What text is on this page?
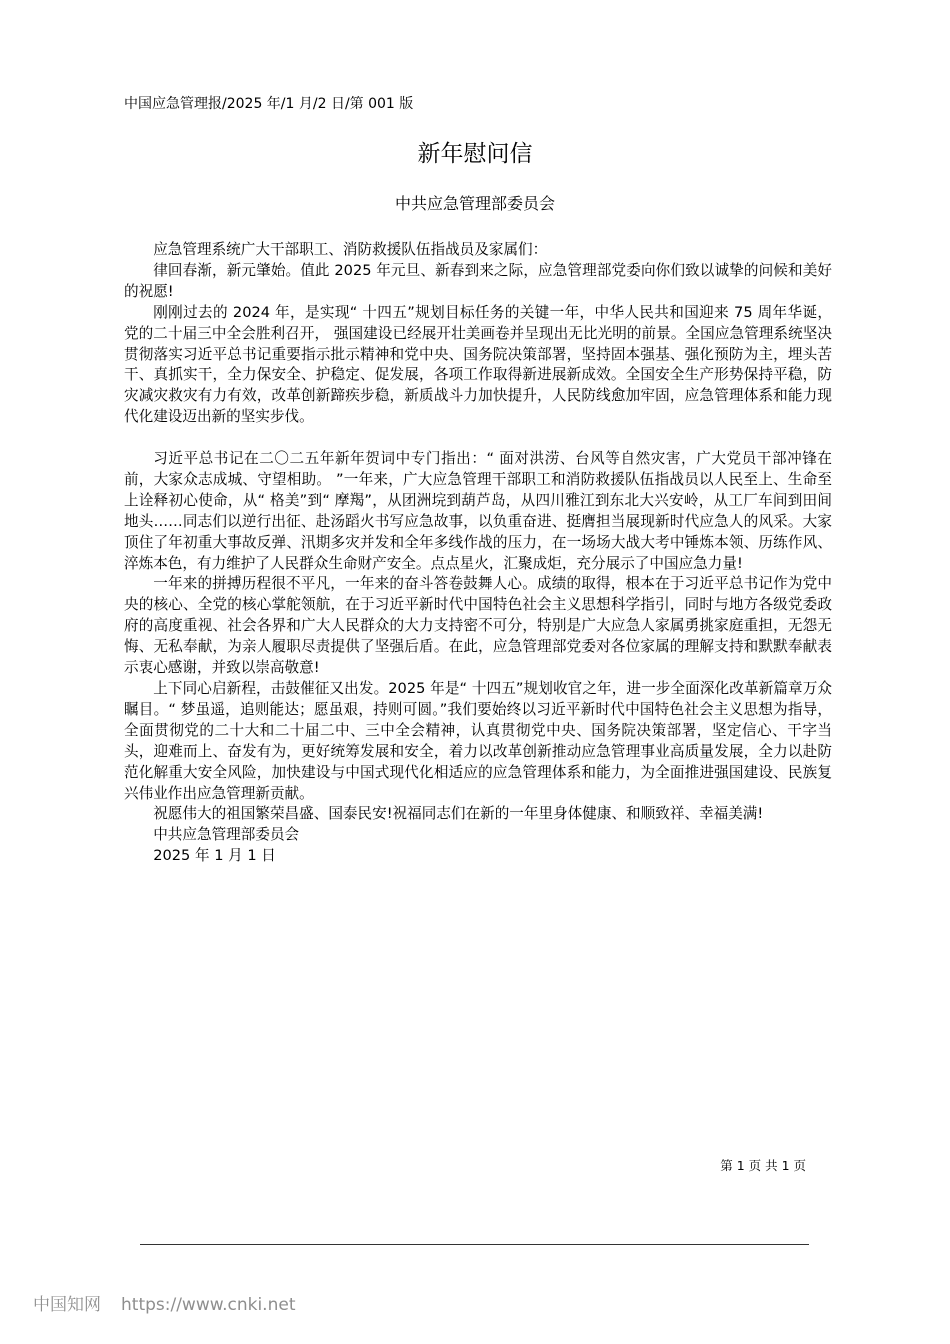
中国应急管理报/2025 年/1 月/2 日/第 001 版
新年慰问信
中共应急管理部委员会

应急管理系统广大干部职工、消防救援队伍指战员及家属们：

律回春渐，新元肇始。值此 2025 年元旦、新春到来之际，应急管理部党委向你们致以诚挚的问候和美好的祝愿!

刚刚过去的 2024 年，是实现“ 十四五”规划目标任务的关键一年，中华人民共和国迎来 75 周年华诞， 党的二十届三中全会胜利召开， 强国建设已经展开壮美画卷并呈现出无比光明的前景。全国应急管理系统坚决贯彻落实习近平总书记重要指示批示精神和党中央、国务院决策部署，坚持固本强基、强化预防为主，埋头苦干、真抓实干，全力保安全、护稳定、促发展，各项工作取得新进展新成效。全国安全生产形势保持平稳，防灾减灾救灾有力有效，改革创新蹄疾步稳，新质战斗力加快提升，人民防线愈加牢固，应急管理体系和能力现代化建设迈出新的坚实步伐。

习近平总书记在二〇二五年新年贺词中专门指出：“ 面对洪涝、台风等自然灾害，广大党员干部冲锋在前，大家众志成城、守望相助。 ”一年来，广大应急管理干部职工和消防救援队伍指战员以人民至上、生命至上诠释初心使命，从“ 格美”到“ 摩羯”，从团洲垸到葫芦岛，从四川雅江到东北大兴安岭，从工厂车间到田间地头……同志们以逆行出征、赴汤蹈火书写应急故事，以负重奋进、挺膺担当展现新时代应急人的风采。大家顶住了年初重大事故反弹、汛期多灾并发和全年多线作战的压力，在一场场大战大考中锤炼本领、历练作风、淬炼本色，有力维护了人民群众生命财产安全。点点星火，汇聚成炬，充分展示了中国应急力量!

一年来的拼搏历程很不平凡，一年来的奋斗答卷鼓舞人心。成绩的取得，根本在于习近平总书记作为党中央的核心、全党的核心掌舵领航，在于习近平新时代中国特色社会主义思想科学指引，同时与地方各级党委政府的高度重视、社会各界和广大人民群众的大力支持密不可分，特别是广大应急人家属勇挑家庭重担，无怨无悔、无私奉献，为亲人履职尽责提供了坚强后盾。在此，应急管理部党委对各位家属的理解支持和默默奉献表示衷心感谢，并致以崇高敬意!

上下同心启新程，击鼓催征又出发。2025 年是“ 十四五”规划收官之年，进一步全面深化改革新篇章万众瞩目。“ 梦虽遥，追则能达；愿虽艰，持则可圆。”我们要始终以习近平新时代中国特色社会主义思想为指导，全面贯彻党的二十大和二十届二中、三中全会精神，认真贯彻党中央、国务院决策部署，坚定信心、干字当头，迎难而上、奋发有为，更好统筹发展和安全，着力以改革创新推动应急管理事业高质量发展，全力以赴防范化解重大安全风险，加快建设与中国式现代化相适应的应急管理体系和能力，为全面推进强国建设、民族复兴伟业作出应急管理新贡献。

祝愿伟大的祖国繁荣昌盛、国泰民安!祝福同志们在新的一年里身体健康、和顺致祥、幸福美满!

中共应急管理部委员会

2025 年 1 月 1 日

第 1 页 共 1 页
中国知网 https://www.cnki.net
